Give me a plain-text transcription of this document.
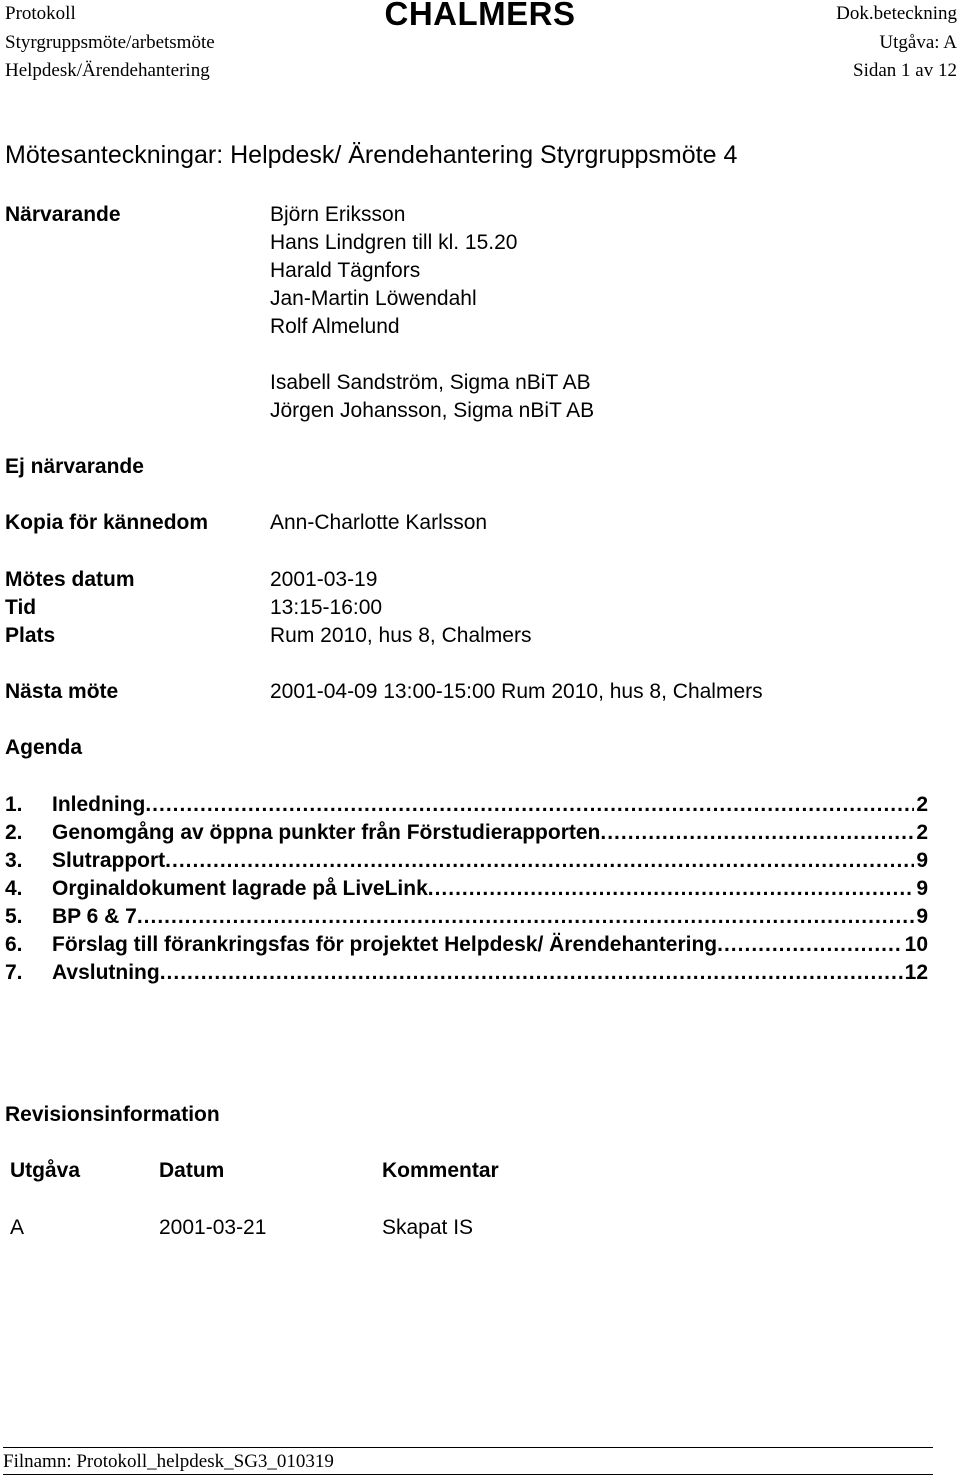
Protokoll
Styrgruppsmöte/arbetsmöte
Helpdesk/Ärendehantering
CHALMERS	Dok.beteckning
Utgåva: A
Sidan 1 av 12
Mötesanteckningar: Helpdesk/ Ärendehantering Styrgruppsmöte 4
Närvarande	Björn Eriksson
Hans Lindgren till kl. 15.20
Harald Tägnfors
Jan-Martin Löwendahl
Rolf Almelund
Isabell Sandström, Sigma nBiT AB
Jörgen Johansson, Sigma nBiT AB
Ej närvarande
Kopia för kännedom	Ann-Charlotte Karlsson
Mötes datum	2001-03-19
Tid	13:15-16:00
Plats	Rum 2010, hus 8, Chalmers
Nästa möte	2001-04-09 13:00-15:00 Rum 2010, hus 8, Chalmers
Agenda
1.	Inledning .....	2
2.	Genomgång av öppna punkter från Förstudierapporten .....	2
3.	Slutrapport .....	9
4.	Orginaldokument lagrade på LiveLink .....	9
5.	BP 6 & 7 .....	9
6.	Förslag till förankringsfas för projektet Helpdesk/ Ärendehantering .....	10
7.	Avslutning .....	12
Revisionsinformation
Utgåva	Datum	Kommentar
A	2001-03-21	Skapat IS
Filnamn: Protokoll_helpdesk_SG3_010319
